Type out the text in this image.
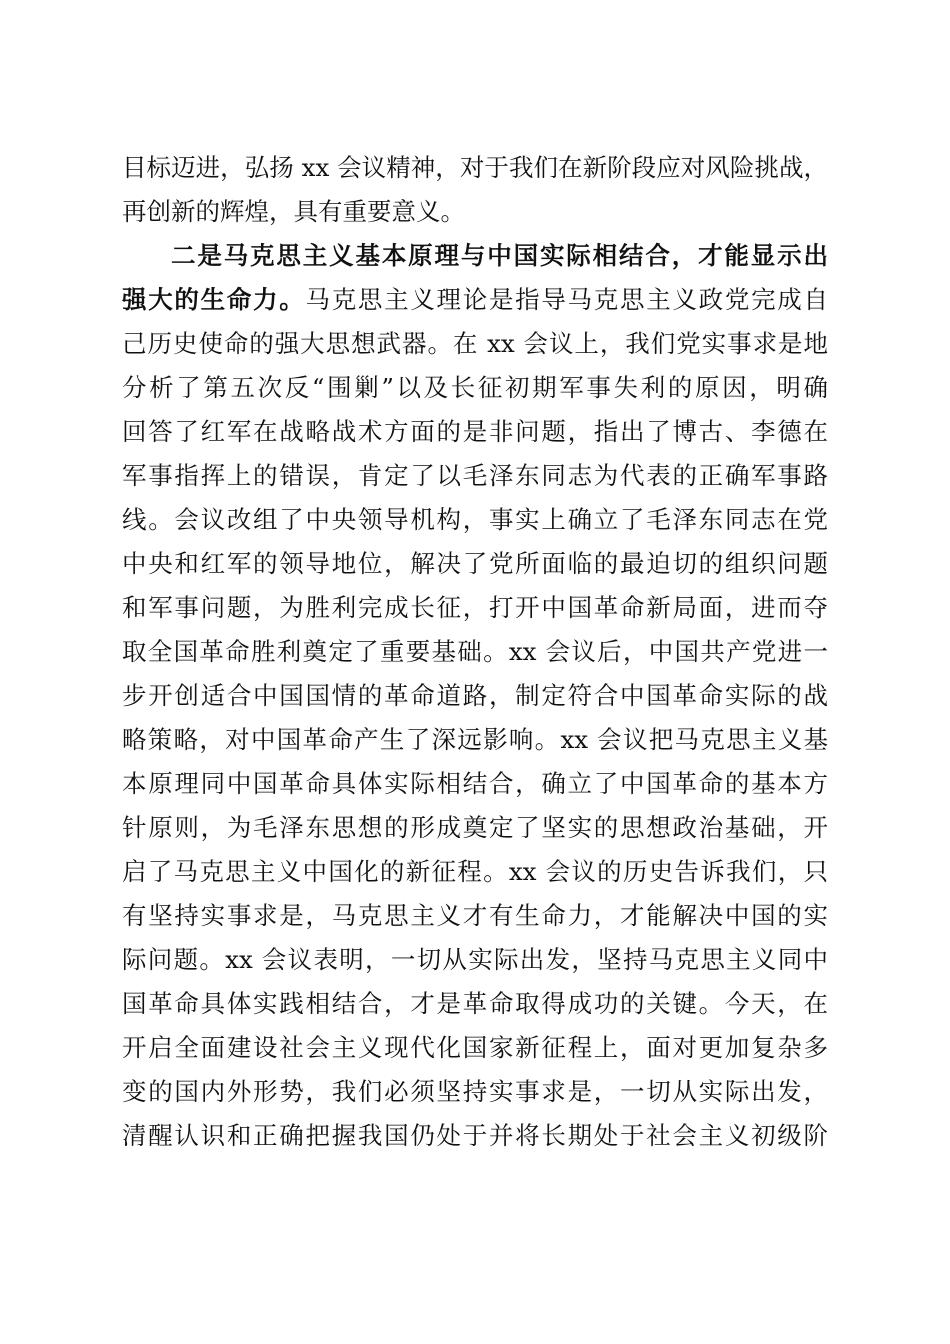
目标迈进，弘扬 xx 会议精神，对于我们在新阶段应对风险挑战，
再创新的辉煌，具有重要意义。
二是马克思主义基本原理与中国实际相结合，才能显示出
强大的生命力。马克思主义理论是指导马克思主义政党完成自
己历史使命的强大思想武器。在 xx 会议上，我们党实事求是地
分析了第五次反“围剿”以及长征初期军事失利的原因，明确
回答了红军在战略战术方面的是非问题，指出了博古、李德在
军事指挥上的错误，肯定了以毛泽东同志为代表的正确军事路
线。会议改组了中央领导机构，事实上确立了毛泽东同志在党
中央和红军的领导地位，解决了党所面临的最迫切的组织问题
和军事问题，为胜利完成长征，打开中国革命新局面，进而夺
取全国革命胜利奠定了重要基础。xx 会议后，中国共产党进一
步开创适合中国国情的革命道路，制定符合中国革命实际的战
略策略，对中国革命产生了深远影响。xx 会议把马克思主义基
本原理同中国革命具体实际相结合，确立了中国革命的基本方
针原则，为毛泽东思想的形成奠定了坚实的思想政治基础，开
启了马克思主义中国化的新征程。xx 会议的历史告诉我们，只
有坚持实事求是，马克思主义才有生命力，才能解决中国的实
际问题。xx 会议表明，一切从实际出发，坚持马克思主义同中
国革命具体实践相结合，才是革命取得成功的关键。今天，在
开启全面建设社会主义现代化国家新征程上，面对更加复杂多
变的国内外形势，我们必须坚持实事求是，一切从实际出发，
清醒认识和正确把握我国仍处于并将长期处于社会主义初级阶
